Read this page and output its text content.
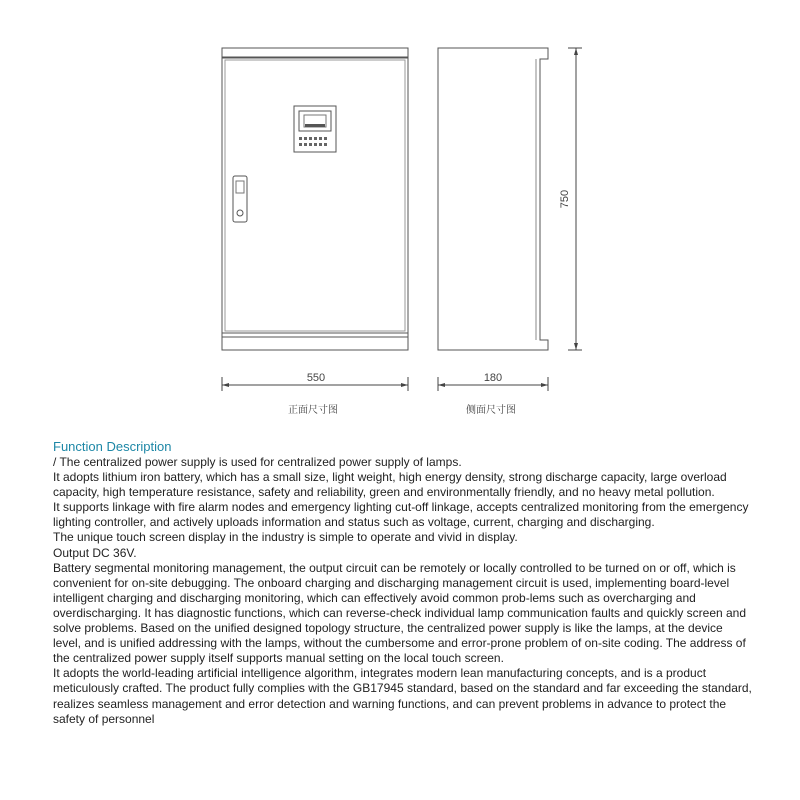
550	180
750
正面尺寸图	侧面尺寸图
Function Description

/ The centralized power supply is used for centralized power supply of lamps.

It adopts lithium iron battery, which has a small size, light weight, high energy density, strong discharge capacity, large overload capacity, high temperature resistance, safety and reliability, green and environmentally friendly, and no heavy metal pollution.

It supports linkage with fire alarm nodes and emergency lighting cut-off linkage, accepts centralized monitoring from the emergency lighting controller, and actively uploads information and status such as voltage, current, charging and discharging.

The unique touch screen display in the industry is simple to operate and vivid in display.

Output DC 36V.

Battery segmental monitoring management, the output circuit can be remotely or locally controlled to be turned on or off, which is convenient for on-site debugging. The onboard charging and discharging management circuit is used, implementing board-level intelligent charging and discharging monitoring, which can effectively avoid common prob-lems such as overcharging and overdischarging. It has diagnostic functions, which can reverse-check individual lamp communication faults and quickly screen and solve problems. Based on the unified designed topology structure, the centralized power supply is like the lamps, at the device level, and is unified addressing with the lamps, without the cumbersome and error-prone problem of on-site coding. The address of the centralized power supply itself supports manual setting on the local touch screen.

It adopts the world-leading artificial intelligence algorithm, integrates modern lean manufacturing concepts, and is a product meticulously crafted. The product fully complies with the GB17945 standard, based on the standard and far exceeding the standard, realizes seamless management and error detection and warning functions, and can prevent problems in advance to protect the safety of personnel
